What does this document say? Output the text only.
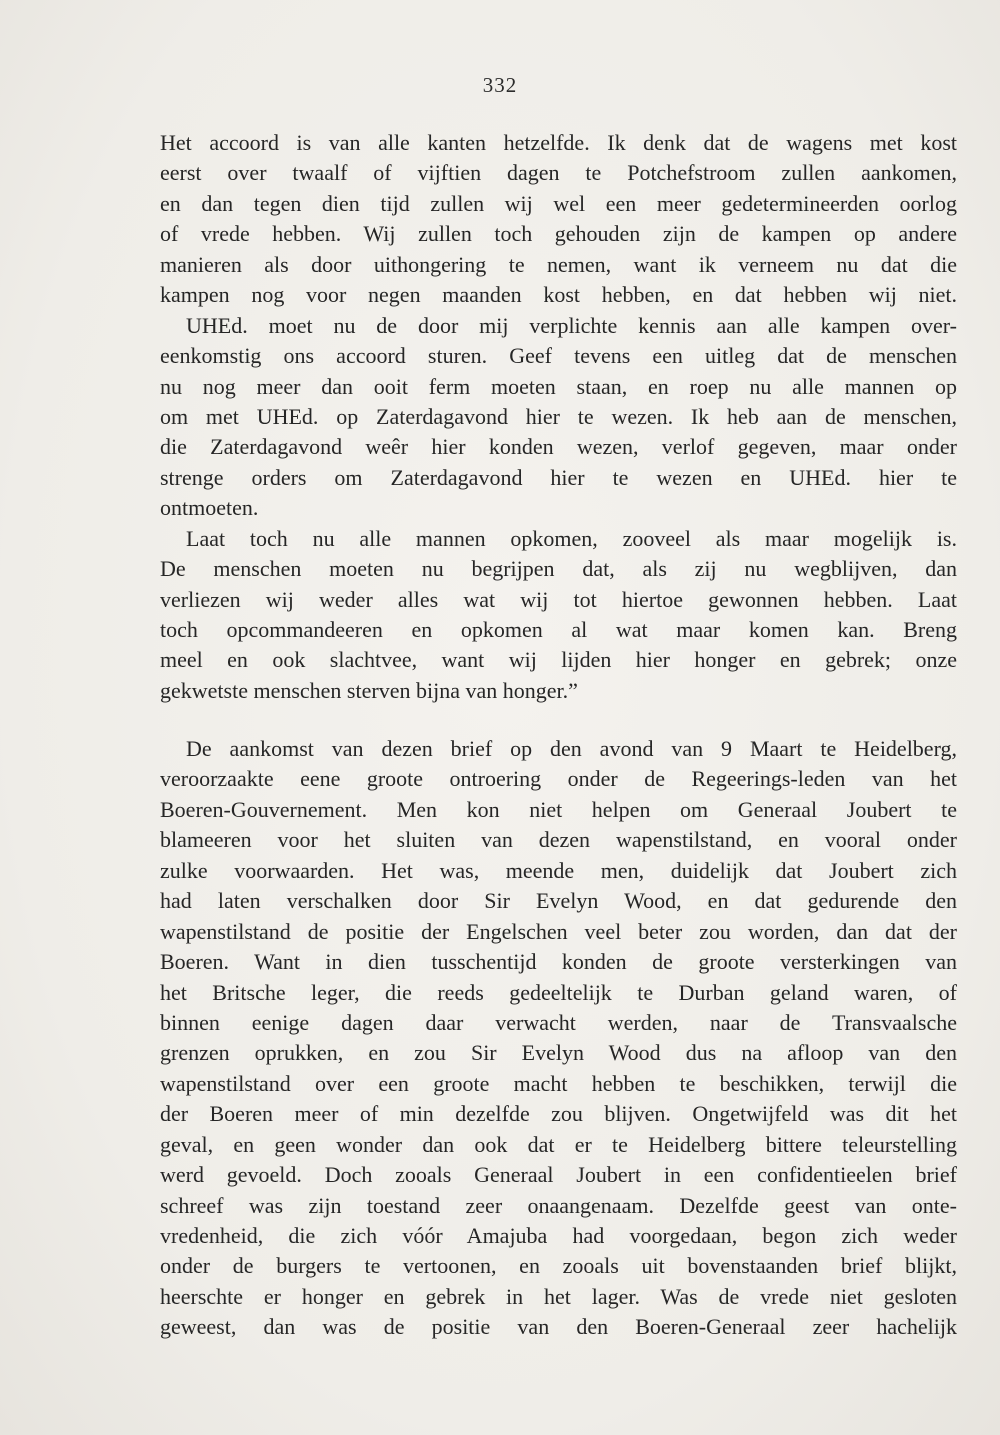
332
Het accoord is van alle kanten hetzelfde. Ik denk dat de wagens met kost
eerst over twaalf of vijftien dagen te Potchefstroom zullen aankomen,
en dan tegen dien tijd zullen wij wel een meer gedetermineerden oorlog
of vrede hebben. Wij zullen toch gehouden zijn de kampen op andere
manieren als door uithongering te nemen, want ik verneem nu dat die
kampen nog voor negen maanden kost hebben, en dat hebben wij niet.
UHEd. moet nu de door mij verplichte kennis aan alle kampen over-
eenkomstig ons accoord sturen. Geef tevens een uitleg dat de menschen
nu nog meer dan ooit ferm moeten staan, en roep nu alle mannen op
om met UHEd. op Zaterdagavond hier te wezen. Ik heb aan de menschen,
die Zaterdagavond weêr hier konden wezen, verlof gegeven, maar onder
strenge orders om Zaterdagavond hier te wezen en UHEd. hier te
ontmoeten.
Laat toch nu alle mannen opkomen, zooveel als maar mogelijk is.
De menschen moeten nu begrijpen dat, als zij nu wegblijven, dan
verliezen wij weder alles wat wij tot hiertoe gewonnen hebben. Laat
toch opcommandeeren en opkomen al wat maar komen kan. Breng
meel en ook slachtvee, want wij lijden hier honger en gebrek; onze
gekwetste menschen sterven bijna van honger.”
De aankomst van dezen brief op den avond van 9 Maart te Heidelberg,
veroorzaakte eene groote ontroering onder de Regeerings-leden van het
Boeren-Gouvernement. Men kon niet helpen om Generaal Joubert te
blameeren voor het sluiten van dezen wapenstilstand, en vooral onder
zulke voorwaarden. Het was, meende men, duidelijk dat Joubert zich
had laten verschalken door Sir Evelyn Wood, en dat gedurende den
wapenstilstand de positie der Engelschen veel beter zou worden, dan dat der
Boeren. Want in dien tusschentijd konden de groote versterkingen van
het Britsche leger, die reeds gedeeltelijk te Durban geland waren, of
binnen eenige dagen daar verwacht werden, naar de Transvaalsche
grenzen oprukken, en zou Sir Evelyn Wood dus na afloop van den
wapenstilstand over een groote macht hebben te beschikken, terwijl die
der Boeren meer of min dezelfde zou blijven. Ongetwijfeld was dit het
geval, en geen wonder dan ook dat er te Heidelberg bittere teleurstelling
werd gevoeld. Doch zooals Generaal Joubert in een confidentieelen brief
schreef was zijn toestand zeer onaangenaam. Dezelfde geest van onte-
vredenheid, die zich vóór Amajuba had voorgedaan, begon zich weder
onder de burgers te vertoonen, en zooals uit bovenstaanden brief blijkt,
heerschte er honger en gebrek in het lager. Was de vrede niet gesloten
geweest, dan was de positie van den Boeren-Generaal zeer hachelijk
